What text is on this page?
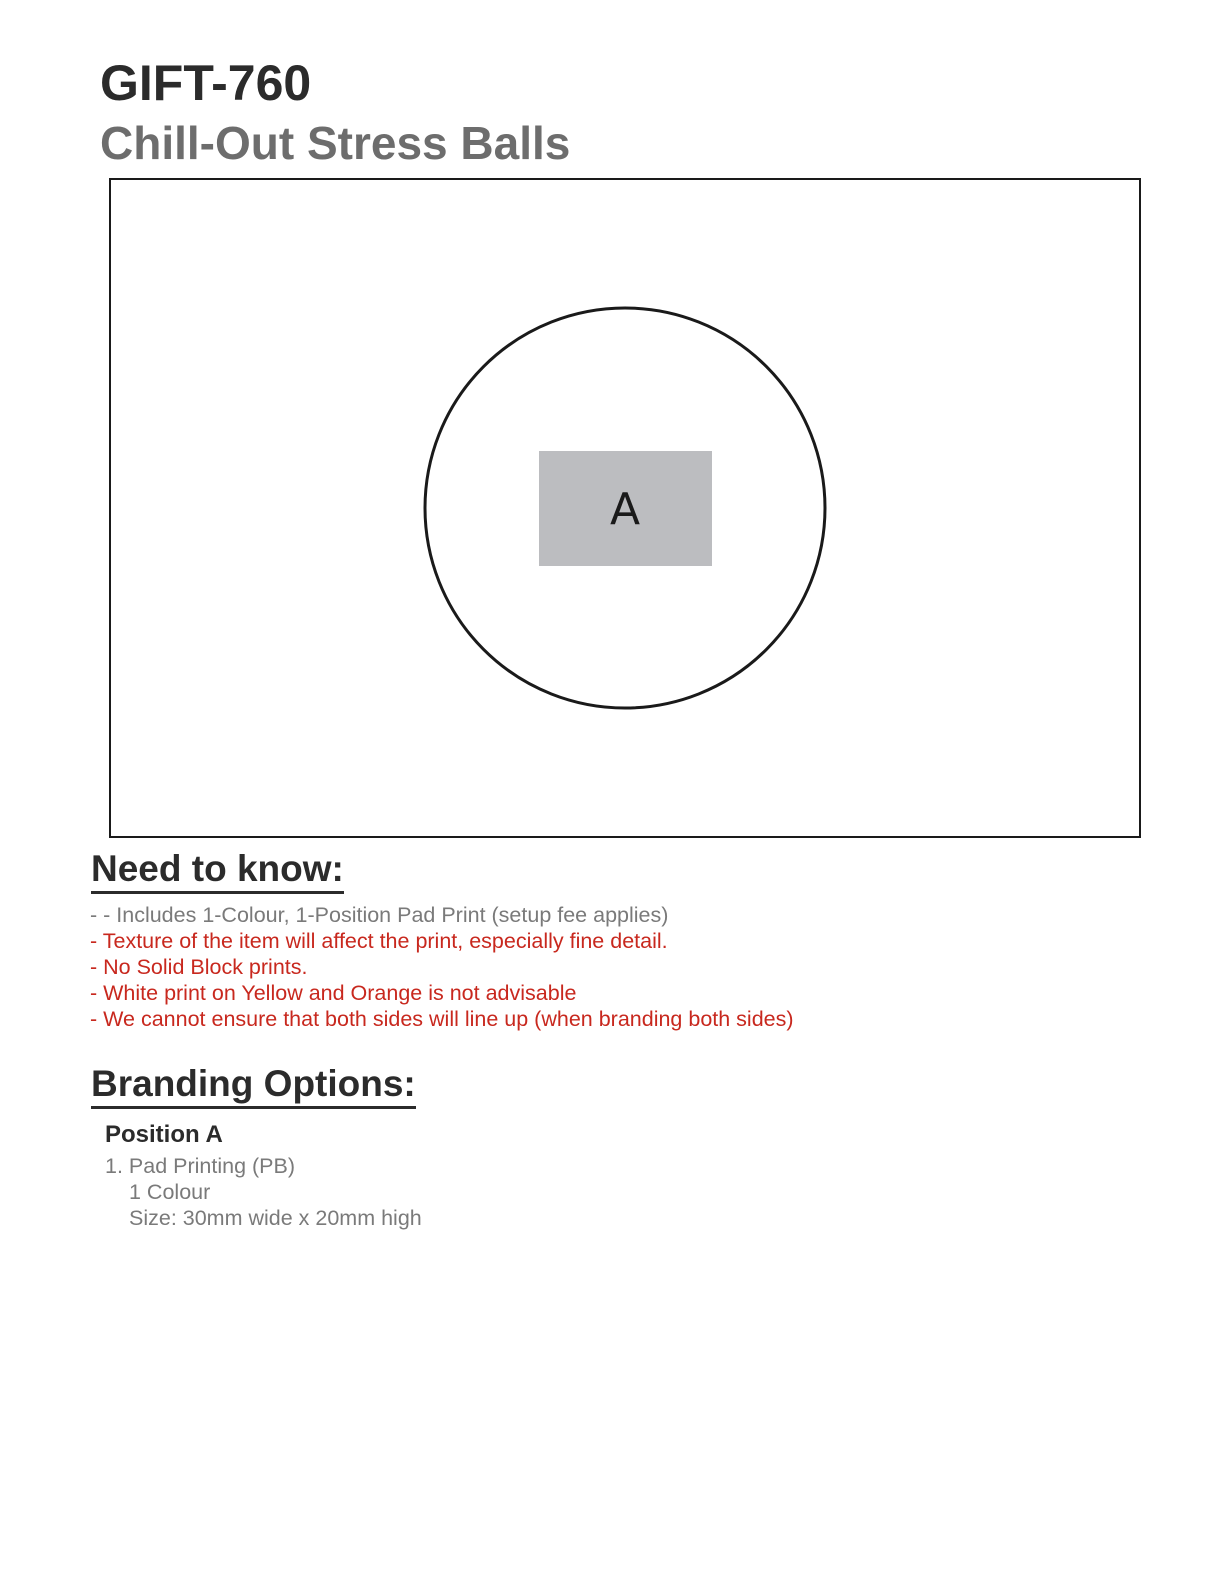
GIFT-760
Chill-Out Stress Balls
A
Need to know:
- - Includes 1-Colour, 1-Position Pad Print (setup fee applies)
- Texture of the item will affect the print, especially fine detail.
- No Solid Block prints.
- White print on Yellow and Orange is not advisable
- We cannot ensure that both sides will line up (when branding both sides)
Branding Options:
Position A
1. Pad Printing (PB)
1 Colour
Size: 30mm wide x 20mm high
